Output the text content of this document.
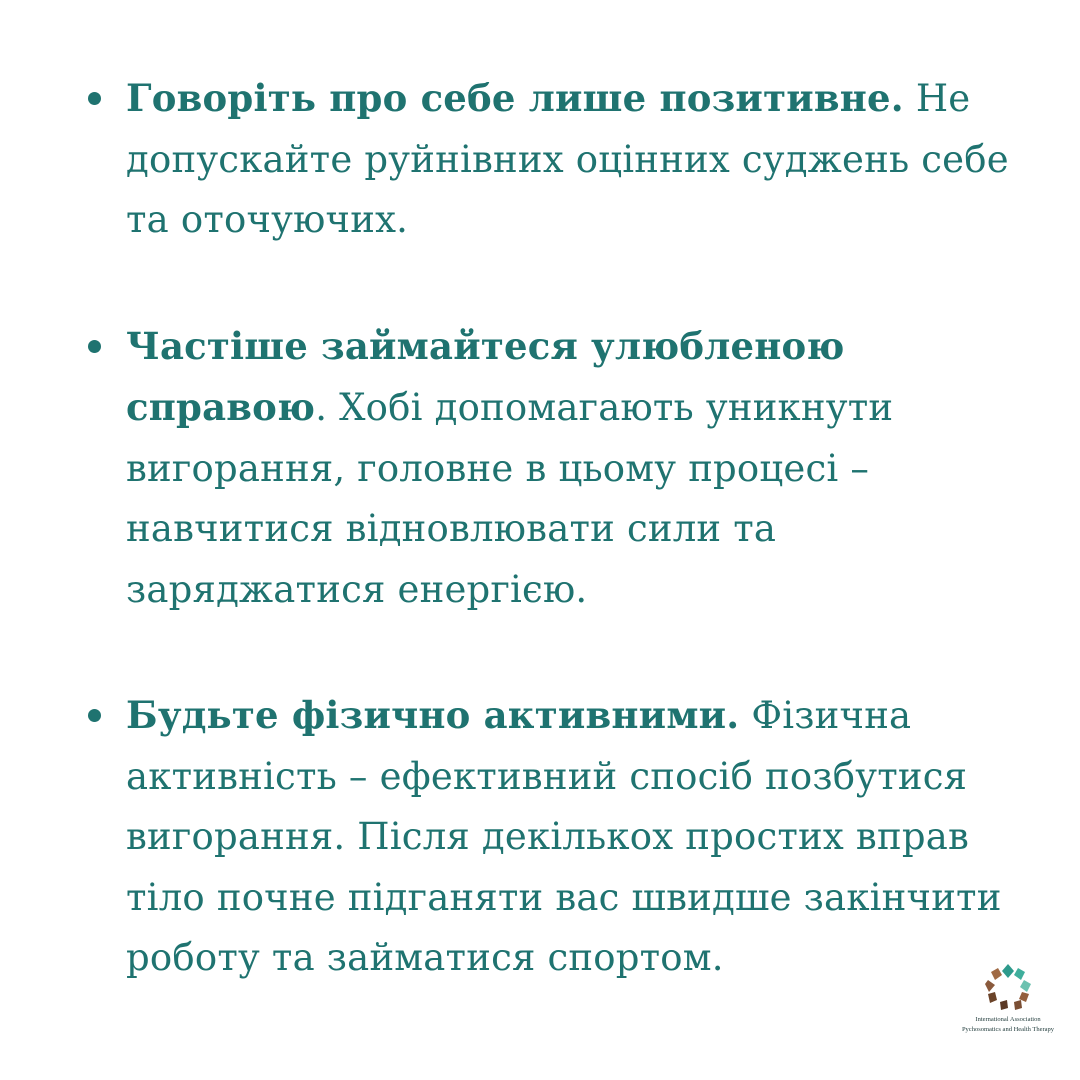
Говоріть про себе лише позитивне. Не допускайте руйнівних оцінних суджень себе та оточуючих.
Частіше займайтеся улюбленою справою. Хобі допомагають уникнути вигорання, головне в цьому процесі – навчитися відновлювати сили та заряджатися енергією.
Будьте фізично активними. Фізична активність – ефективний спосіб позбутися вигорання. Після декількох простих вправ тіло почне підганяти вас швидше закінчити роботу та займатися спортом.
International Association
Pychosomatics and Health Therapy
